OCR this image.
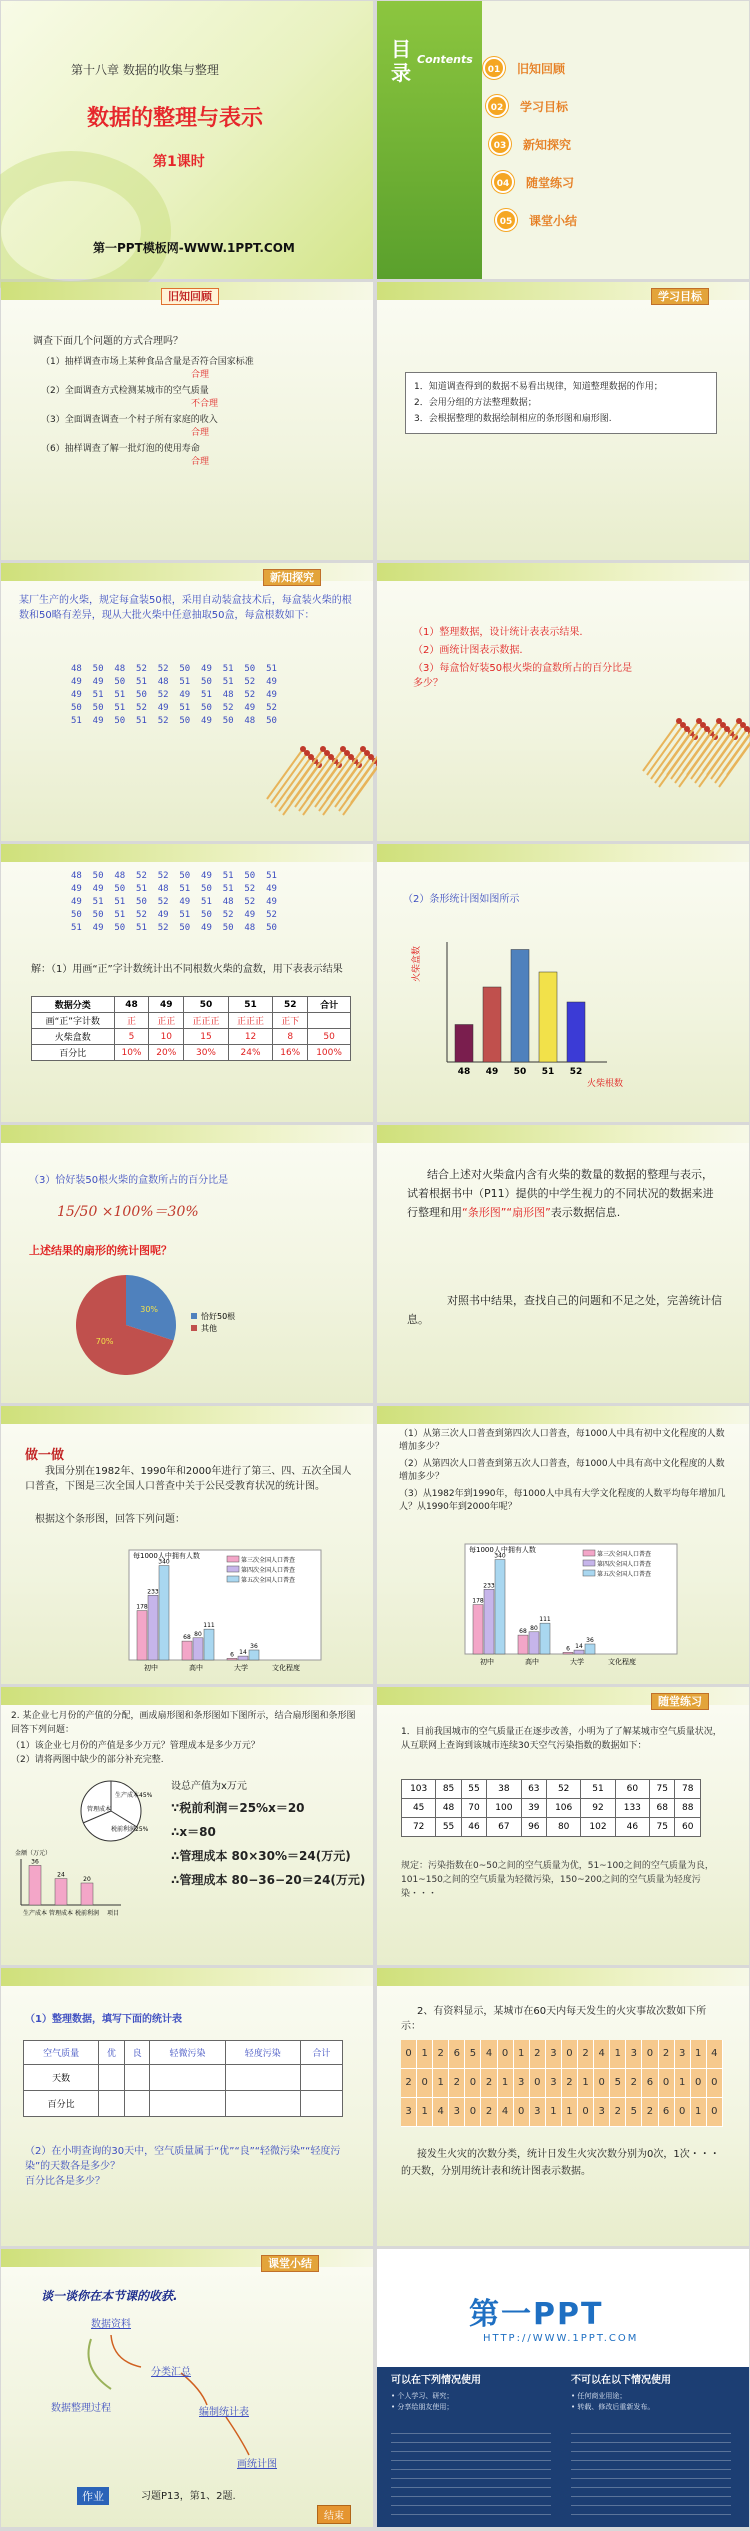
第十八章 数据的收集与整理
数据的整理与表示
第1课时
第一PPT模板网-WWW.1PPT.COM
目录
Contents
01	旧知回顾
02	学习目标
03	新知探究
04	随堂练习
05	课堂小结
旧知回顾
调查下面几个问题的方式合理吗？
（1）抽样调查市场上某种食品含量是否符合国家标准
合理
（2）全面调查方式检测某城市的空气质量
不合理
（3）全面调查调查一个村子所有家庭的收入
合理
（6）抽样调查了解一批灯泡的使用寿命
合理
学习目标
1．知道调查得到的数据不易看出规律，知道整理数据的作用；
2．会用分组的方法整理数据；
3．会根据整理的数据绘制相应的条形图和扇形图.
新知探究
某厂生产的火柴，规定每盒装50根，采用自动装盒技术后，每盒装火柴的根数和50略有差异，现从大批火柴中任意抽取50盒，每盒根数如下：
48  50  48  52  52  50  49  51  50  51
49  49  50  51  48  51  50  51  52  49
49  51  51  50  52  49  51  48  52  49
50  50  51  52  49  51  50  52  49  52
51  49  50  51  52  50  49  50  48  50
（1）整理数据，设计统计表表示结果.
（2）画统计图表示数据.
（3）每盒恰好装50根火柴的盒数所占的百分比是多少？
48  50  48  52  52  50  49  51  50  51
49  49  50  51  48  51  50  51  52  49
49  51  51  50  52  49  51  48  52  49
50  50  51  52  49  51  50  52  49  52
51  49  50  51  52  50  49  50  48  50
解：（1）用画“正”字计数统计出不同根数火柴的盒数，用下表表示结果
数据分类	48	49	50	51	52	合计
画“正”字计数	正	正正	正正正	正正正	正下	
火柴盒数	5	10	15	12	8	50
百分比	10%	20%	30%	24%	16%	100%
（2）条形统计图如图所示
48 49 50 51 52
火柴盒数
火柴根数
（3）恰好装50根火柴的盒数所占的百分比是
15/50 ×100%＝30%
上述结果的扇形的统计图呢？
30%
恰好50根
70%
其他
结合上述对火柴盒内含有火柴的数量的数据的整理与表示，试着根据书中（P11）提供的中学生视力的不同状况的数据来进行整理和用“条形图”“扇形图”表示数据信息.
对照书中结果，查找自己的问题和不足之处，完善统计信息。
做一做
我国分别在1982年、1990年和2000年进行了第三、四、五次全国人口普查，下图是三次全国人口普查中关于公民受教育状况的统计图。
根据这个条形图，回答下列问题：
每1000人中拥有人数
178
233
340
68 80
111
6 14
36
初中	高中	大学	文化程度
第三次全国人口普查
第四次全国人口普查
第五次全国人口普查
（1）从第三次人口普查到第四次人口普查，每1000人中具有初中文化程度的人数增加多少？
（2）从第四次人口普查到第五次人口普查，每1000人中具有高中文化程度的人数增加多少？
（3）从1982年到1990年，每1000人中具有大学文化程度的人数平均每年增加几人？从1990年到2000年呢？
每1000人中拥有人数
178
233
340
68 80
111
6 14
36
初中	高中	大学	文化程度
第三次全国人口普查
第四次全国人口普查
第五次全国人口普查
2. 某企业七月份的产值的分配，画成扇形图和条形图如下图所示，结合扇形图和条形图回答下列问题：
（1）该企业七月份的产值是多少万元？管理成本是多少万元？
（2）请将两图中缺少的部分补充完整.
生产成本45%
管理成本
税前利润25%
金额（万元）
36
24
20
生产成本 管理成本 税前利润 项目
设总产值为x万元
∵税前利润＝25%x＝20
∴x＝80
∴管理成本 80×30%＝24(万元)
∴管理成本 80−36−20＝24(万元)
随堂练习
1．目前我国城市的空气质量正在逐步改善，小明为了了解某城市空气质量状况，从互联网上查询到该城市连续30天空气污染指数的数据如下：
103	85	55	38	63	52	51	60	75	78
45	48	70	100	39	106	92	133	68	88
72	55	46	67	96	80	102	46	75	60
规定：污染指数在0~50之间的空气质量为优，51~100之间的空气质量为良，101~150之间的空气质量为轻微污染，150~200之间的空气质量为轻度污染・・・
（1）整理数据，填写下面的统计表
空气质量	优	良	轻微污染	轻度污染	合计
天数					
百分比					
（2）在小明查询的30天中，空气质量属于“优”“良”“轻微污染”“轻度污染”的天数各是多少？
百分比各是多少？
2、有资料显示，某城市在60天内每天发生的火灾事故次数如下所示：
0 1 2 6 5 4 0 1 2 3 0 2 4 1 3 0 2 3 1 4
2 0 1 2 0 2 1 3 0 3 2 1 0 5 2 6 0 1 0 0
3 1 4 3 0 2 4 0 3 1 1 0 3 2 5 2 6 0 1 0
接发生火灾的次数分类，统计日发生火灾次数分别为0次，1次・・・的天数，分别用统计表和统计图表示数据。
课堂小结
谈一谈你在本节课的收获.
数据资料
分类汇总
数据整理过程	编制统计表
画统计图
作业	习题P13，第1、2题.
结束
第一PPT
HTTP://WWW.1PPT.COM
可以在下列情况使用	不可以在以下情况使用
• 个人学习、研究；
• 分享给朋友使用；
• 任何商业用途；
• 转载、修改后重新发布。
